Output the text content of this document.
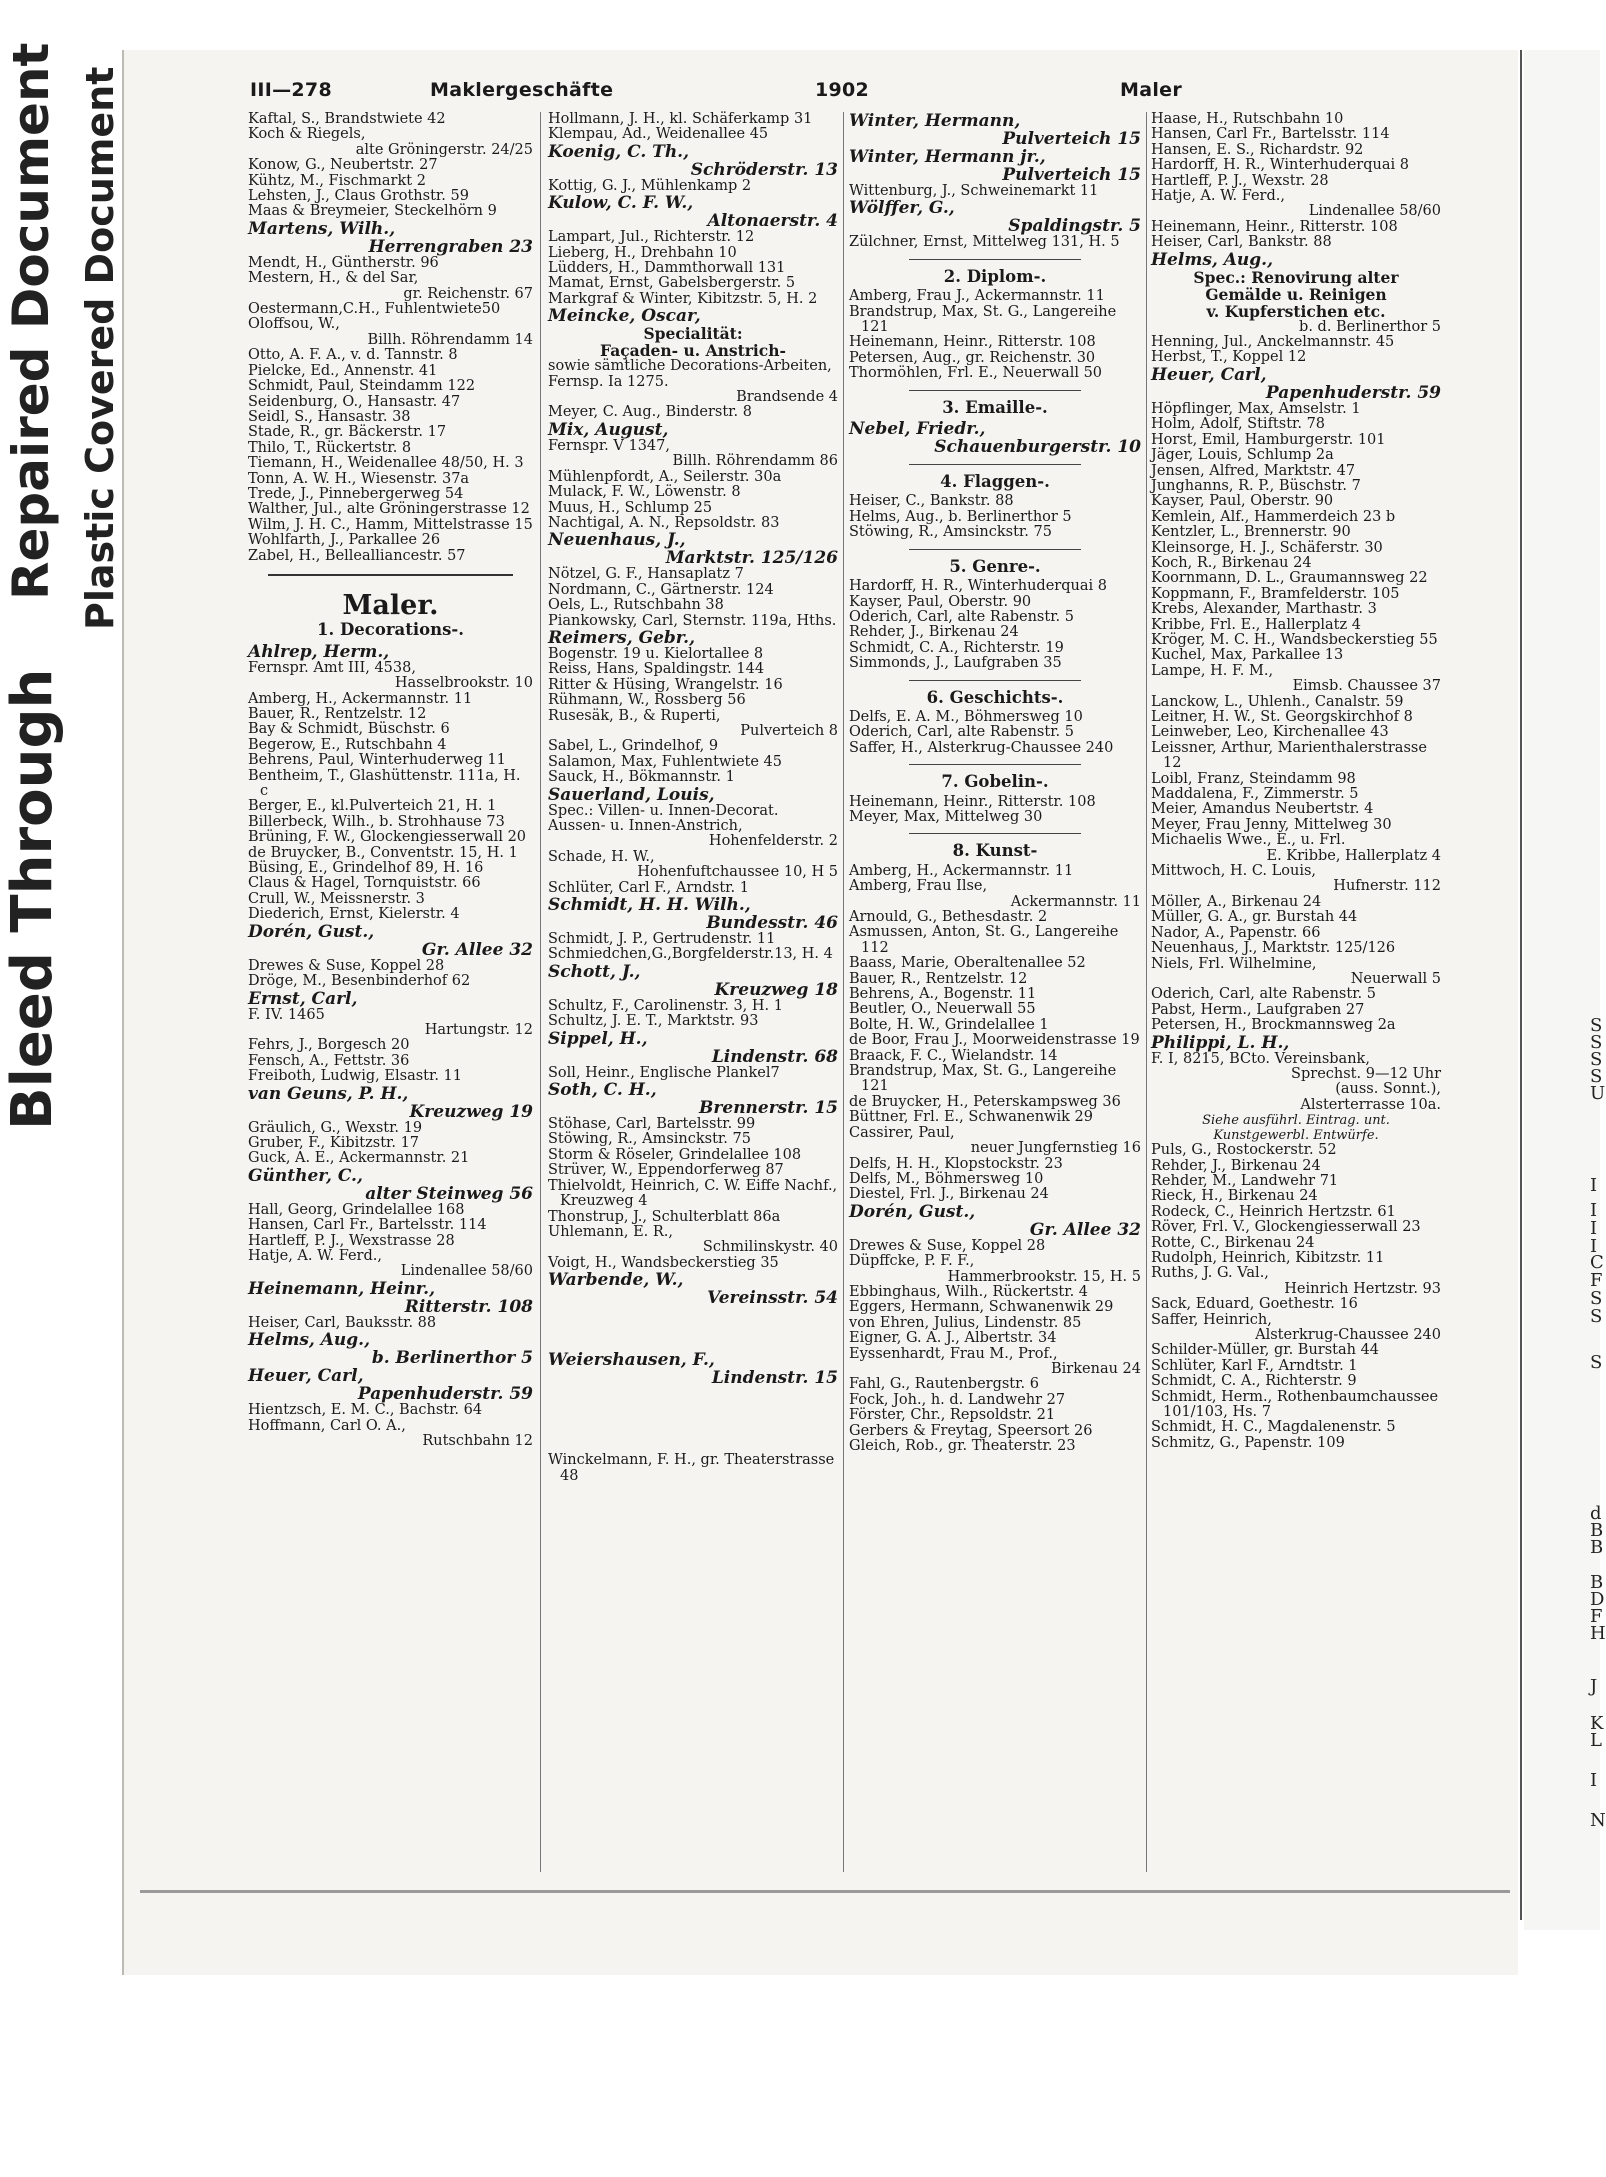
Bleed Through
Repaired Document Plastic Covered Document
S
S
S
S
U
I
I
I
I
C
F
S
S
S
d
B
B
B
D
F
H
J
K
L
I
N
III—278	Maklergeschäfte	1902	Maler

Kaftal, S., Brandstwiete 42

Koch & Riegels,
alte Gröningerstr. 24/25

Konow, G., Neubertstr. 27

Kühtz, M., Fischmarkt 2

Lehsten, J., Claus Grothstr. 59

Maas & Breymeier, Steckelhörn 9

Martens, Wilh.,
Herrengraben 23

Mendt, H., Güntherstr. 96

Mestern, H., & del Sar,
gr. Reichenstr. 67

Oestermann,C.H., Fuhlentwiete50

Oloffsou, W.,
Billh. Röhrendamm 14

Otto, A. F. A., v. d. Tannstr. 8

Pielcke, Ed., Annenstr. 41

Schmidt, Paul, Steindamm 122

Seidenburg, O., Hansastr. 47

Seidl, S., Hansastr. 38

Stade, R., gr. Bäckerstr. 17

Thilo, T., Rückertstr. 8

Tiemann, H., Weidenallee 48/50, H. 3

Tonn, A. W. H., Wiesenstr. 37a

Trede, J., Pinnebergerweg 54

Walther, Jul., alte Gröningerstrasse 12

Wilm, J. H. C., Hamm, Mittelstrasse 15

Wohlfarth, J., Parkallee 26

Zabel, H., Bellealliancestr. 57

Maler.
1. Decorations-.

Ahlrep, Herm.,

Fernspr. Amt III, 4538,
Hasselbrookstr. 10

Amberg, H., Ackermannstr. 11

Bauer, R., Rentzelstr. 12

Bay & Schmidt, Büschstr. 6

Begerow, E., Rutschbahn 4

Behrens, Paul, Winterhuderweg 11

Bentheim, T., Glashüttenstr. 111a, H. c

Berger, E., kl.Pulverteich 21, H. 1

Billerbeck, Wilh., b. Strohhause 73

Brüning, F. W., Glockengiesserwall 20

de Bruycker, B., Conventstr. 15, H. 1

Büsing, E., Grindelhof 89, H. 16

Claus & Hagel, Tornquiststr. 66

Crull, W., Meissnerstr. 3

Diederich, Ernst, Kielerstr. 4

Dorén, Gust.,
Gr. Allee 32

Drewes & Suse, Koppel 28

Dröge, M., Besenbinderhof 62

Ernst, Carl,

F. IV. 1465
Hartungstr. 12

Fehrs, J., Borgesch 20

Fensch, A., Fettstr. 36

Freiboth, Ludwig, Elsastr. 11

van Geuns, P. H.,
Kreuzweg 19

Gräulich, G., Wexstr. 19

Gruber, F., Kibitzstr. 17

Guck, A. E., Ackermannstr. 21

Günther, C.,
alter Steinweg 56

Hall, Georg, Grindelallee 168

Hansen, Carl Fr., Bartelsstr. 114

Hartleff, P. J., Wexstrasse 28

Hatje, A. W. Ferd.,
Lindenallee 58/60

Heinemann, Heinr.,
Ritterstr. 108

Heiser, Carl, Bauksstr. 88

Helms, Aug.,
b. Berlinerthor 5

Heuer, Carl,
Papenhuderstr. 59

Hientzsch, E. M. C., Bachstr. 64

Hoffmann, Carl O. A.,
Rutschbahn 12

Hollmann, J. H., kl. Schäferkamp 31

Klempau, Ad., Weidenallee 45

Koenig, C. Th.,
Schröderstr. 13

Kottig, G. J., Mühlenkamp 2

Kulow, C. F. W.,
Altonaerstr. 4

Lampart, Jul., Richterstr. 12

Lieberg, H., Drehbahn 10

Lüdders, H., Dammthorwall 131

Mamat, Ernst, Gabelsbergerstr. 5

Markgraf & Winter, Kibitzstr. 5, H. 2

Meincke, Oscar,

Specialität:
Façaden- u. Anstrich-

sowie sämtliche Decorations-Arbeiten,

Fernsp. Ia 1275.
Brandsende 4

Meyer, C. Aug., Binderstr. 8

Mix, August,

Fernspr. V 1347,
Billh. Röhrendamm 86

Mühlenpfordt, A., Seilerstr. 30a

Mulack, F. W., Löwenstr. 8

Muus, H., Schlump 25

Nachtigal, A. N., Repsoldstr. 83

Neuenhaus, J.,
Marktstr. 125/126

Nötzel, G. F., Hansaplatz 7

Nordmann, C., Gärtnerstr. 124

Oels, L., Rutschbahn 38

Piankowsky, Carl, Sternstr. 119a, Hths.

Reimers, Gebr.,

Bogenstr. 19 u. Kielortallee 8

Reiss, Hans, Spaldingstr. 144

Ritter & Hüsing, Wrangelstr. 16

Rühmann, W., Rossberg 56

Rusesäk, B., & Ruperti,
Pulverteich 8

Sabel, L., Grindelhof, 9

Salamon, Max, Fuhlentwiete 45

Sauck, H., Bökmannstr. 1

Sauerland, Louis,

Spec.: Villen- u. Innen-Decorat.

Aussen- u. Innen-Anstrich,
Hohenfelderstr. 2

Schade, H. W.,
Hohenfuftchaussee 10, H 5

Schlüter, Carl F., Arndstr. 1

Schmidt, H. H. Wilh.,
Bundesstr. 46

Schmidt, J. P., Gertrudenstr. 11

Schmiedchen,G.,Borgfelderstr.13, H. 4

Schott, J.,
Kreuzweg 18

Schultz, F., Carolinenstr. 3, H. 1

Schultz, J. E. T., Marktstr. 93

Sippel, H.,
Lindenstr. 68

Soll, Heinr., Englische Plankel7

Soth, C. H.,
Brennerstr. 15

Stöhase, Carl, Bartelsstr. 99

Stöwing, R., Amsinckstr. 75

Storm & Röseler, Grindelallee 108

Strüver, W., Eppendorferweg 87

Thielvoldt, Heinrich, C. W. Eiffe Nachf., Kreuzweg 4

Thonstrup, J., Schulterblatt 86a

Uhlemann, E. R.,
Schmilinskystr. 40

Voigt, H., Wandsbeckerstieg 35

Warbende, W.,
Vereinsstr. 54

Weiershausen, F.,
Lindenstr. 15

Winckelmann, F. H., gr. Theaterstrasse 48

Winter, Hermann,
Pulverteich 15

Winter, Hermann jr.,
Pulverteich 15

Wittenburg, J., Schweinemarkt 11

Wölffer, G.,
Spaldingstr. 5

Zülchner, Ernst, Mittelweg 131, H. 5

2. Diplom-.

Amberg, Frau J., Ackermannstr. 11

Brandstrup, Max, St. G., Langereihe 121

Heinemann, Heinr., Ritterstr. 108

Petersen, Aug., gr. Reichenstr. 30

Thormöhlen, Frl. E., Neuerwall 50

3. Emaille-.

Nebel, Friedr.,
Schauenburgerstr. 10

4. Flaggen-.

Heiser, C., Bankstr. 88

Helms, Aug., b. Berlinerthor 5

Stöwing, R., Amsinckstr. 75

5. Genre-.

Hardorff, H. R., Winterhuderquai 8

Kayser, Paul, Oberstr. 90

Oderich, Carl, alte Rabenstr. 5

Rehder, J., Birkenau 24

Schmidt, C. A., Richterstr. 19

Simmonds, J., Laufgraben 35

6. Geschichts-.

Delfs, E. A. M., Böhmersweg 10

Oderich, Carl, alte Rabenstr. 5

Saffer, H., Alsterkrug-Chaussee 240

7. Gobelin-.

Heinemann, Heinr., Ritterstr. 108

Meyer, Max, Mittelweg 30

8. Kunst-

Amberg, H., Ackermannstr. 11

Amberg, Frau Ilse,
Ackermannstr. 11

Arnould, G., Bethesdastr. 2

Asmussen, Anton, St. G., Langereihe 112

Baass, Marie, Oberaltenallee 52

Bauer, R., Rentzelstr. 12

Behrens, A., Bogenstr. 11

Beutler, O., Neuerwall 55

Bolte, H. W., Grindelallee 1

de Boor, Frau J., Moorweidenstrasse 19

Braack, F. C., Wielandstr. 14

Brandstrup, Max, St. G., Langereihe 121

de Bruycker, H., Peterskampsweg 36

Büttner, Frl. E., Schwanenwik 29

Cassirer, Paul,
neuer Jungfernstieg 16

Delfs, H. H., Klopstockstr. 23

Delfs, M., Böhmersweg 10

Diestel, Frl. J., Birkenau 24

Dorén, Gust.,
Gr. Allee 32

Drewes & Suse, Koppel 28

Düpffcke, P. F. F.,
Hammerbrookstr. 15, H. 5

Ebbinghaus, Wilh., Rückertstr. 4

Eggers, Hermann, Schwanenwik 29

von Ehren, Julius, Lindenstr. 85

Eigner, G. A. J., Albertstr. 34

Eyssenhardt, Frau M., Prof.,
Birkenau 24

Fahl, G., Rautenbergstr. 6

Fock, Joh., h. d. Landwehr 27

Förster, Chr., Repsoldstr. 21

Gerbers & Freytag, Speersort 26

Gleich, Rob., gr. Theaterstr. 23

Haase, H., Rutschbahn 10

Hansen, Carl Fr., Bartelsstr. 114

Hansen, E. S., Richardstr. 92

Hardorff, H. R., Winterhuderquai 8

Hartleff, P. J., Wexstr. 28

Hatje, A. W. Ferd.,
Lindenallee 58/60

Heinemann, Heinr., Ritterstr. 108

Heiser, Carl, Bankstr. 88

Helms, Aug.,

Spec.: Renovirung alter
Gemälde u. Reinigen
v. Kupferstichen etc.

b. d. Berlinerthor 5

Henning, Jul., Anckelmannstr. 45

Herbst, T., Koppel 12

Heuer, Carl,
Papenhuderstr. 59

Höpflinger, Max, Amselstr. 1

Holm, Adolf, Stiftstr. 78

Horst, Emil, Hamburgerstr. 101

Jäger, Louis, Schlump 2a

Jensen, Alfred, Marktstr. 47

Junghanns, R. P., Büschstr. 7

Kayser, Paul, Oberstr. 90

Kemlein, Alf., Hammerdeich 23 b

Kentzler, L., Brennerstr. 90

Kleinsorge, H. J., Schäferstr. 30

Koch, R., Birkenau 24

Koornmann, D. L., Graumannsweg 22

Koppmann, F., Bramfelderstr. 105

Krebs, Alexander, Marthastr. 3

Kribbe, Frl. E., Hallerplatz 4

Kröger, M. C. H., Wandsbeckerstieg 55

Kuchel, Max, Parkallee 13

Lampe, H. F. M.,
Eimsb. Chaussee 37

Lanckow, L., Uhlenh., Canalstr. 59

Leitner, H. W., St. Georgskirchhof 8

Leinweber, Leo, Kirchenallee 43

Leissner, Arthur, Marienthalerstrasse 12

Loibl, Franz, Steindamm 98

Maddalena, F., Zimmerstr. 5

Meier, Amandus Neubertstr. 4

Meyer, Frau Jenny, Mittelweg 30

Michaelis Wwe., E., u. Frl.
E. Kribbe, Hallerplatz 4

Mittwoch, H. C. Louis,
Hufnerstr. 112

Möller, A., Birkenau 24

Müller, G. A., gr. Burstah 44

Nador, A., Papenstr. 66

Neuenhaus, J., Marktstr. 125/126

Niels, Frl. Wilhelmine,
Neuerwall 5

Oderich, Carl, alte Rabenstr. 5

Pabst, Herm., Laufgraben 27

Petersen, H., Brockmannsweg 2a

Philippi, L. H.,

F. I, 8215, BCto. Vereinsbank,
Sprechst. 9—12 Uhr

(auss. Sonnt.),

Alsterterrasse 10a.

Siehe ausführl. Eintrag. unt.
Kunstgewerbl. Entwürfe.

Puls, G., Rostockerstr. 52

Rehder, J., Birkenau 24

Rehder, M., Landwehr 71

Rieck, H., Birkenau 24

Rodeck, C., Heinrich Hertzstr. 61

Röver, Frl. V., Glockengiesserwall 23

Rotte, C., Birkenau 24

Rudolph, Heinrich, Kibitzstr. 11

Ruths, J. G. Val.,
Heinrich Hertzstr. 93

Sack, Eduard, Goethestr. 16

Saffer, Heinrich,
Alsterkrug-Chaussee 240

Schilder-Müller, gr. Burstah 44

Schlüter, Karl F., Arndtstr. 1

Schmidt, C. A., Richterstr. 9

Schmidt, Herm., Rothenbaumchaussee 101/103, Hs. 7

Schmidt, H. C., Magdalenenstr. 5

Schmitz, G., Papenstr. 109
